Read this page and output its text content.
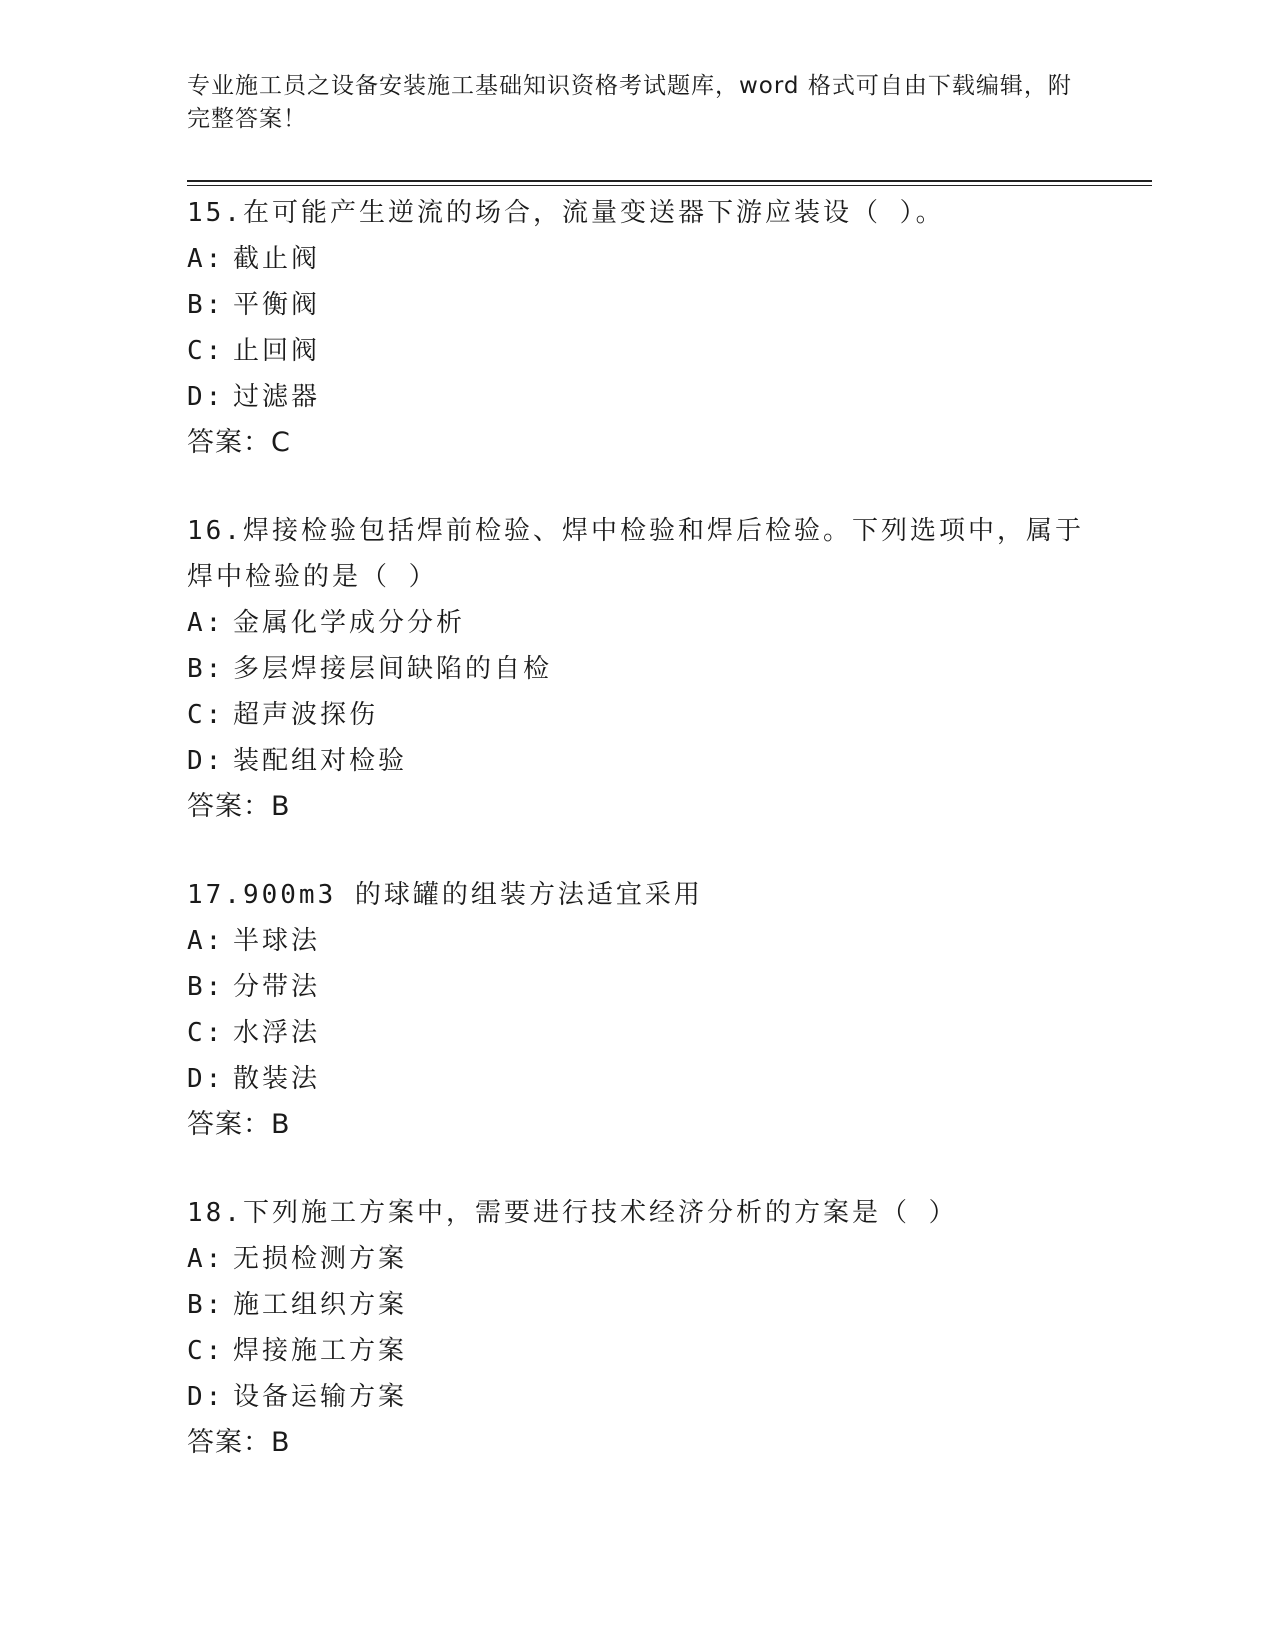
专业施工员之设备安装施工基础知识资格考试题库，word 格式可自由下载编辑，附完整答案！

15.在可能产生逆流的场合，流量变送器下游应装设（ ）。

A: 截止阀

B: 平衡阀

C: 止回阀

D: 过滤器

答案：C

16.焊接检验包括焊前检验、焊中检验和焊后检验。下列选项中，属于焊中检验的是（ ）

A: 金属化学成分分析

B: 多层焊接层间缺陷的自检

C: 超声波探伤

D: 装配组对检验

答案：B

17.900m3 的球罐的组装方法适宜采用

A: 半球法

B: 分带法

C: 水浮法

D: 散装法

答案：B

18.下列施工方案中，需要进行技术经济分析的方案是（ ）

A: 无损检测方案

B: 施工组织方案

C: 焊接施工方案

D: 设备运输方案

答案：B
